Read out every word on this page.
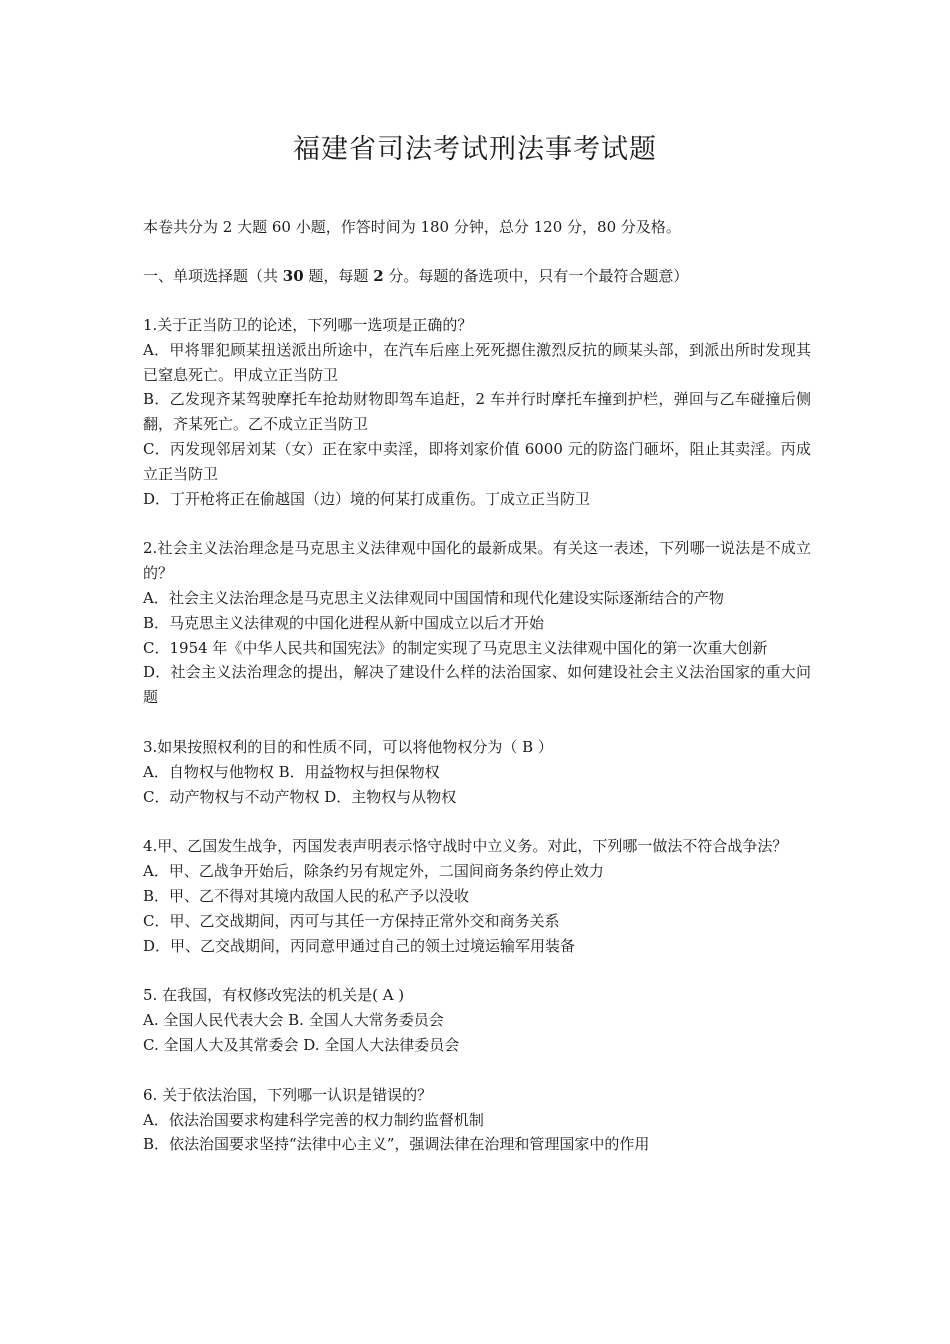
福建省司法考试刑法事考试题
本卷共分为 2 大题 60 小题，作答时间为 180 分钟，总分 120 分，80 分及格。
一、单项选择题（共 30 题，每题 2 分。每题的备选项中，只有一个最符合题意）
1.关于正当防卫的论述，下列哪一选项是正确的？
A．甲将罪犯顾某扭送派出所途中，在汽车后座上死死摁住激烈反抗的顾某头部，到派出所时发现其已窒息死亡。甲成立正当防卫
B．乙发现齐某驾驶摩托车抢劫财物即驾车追赶，2 车并行时摩托车撞到护栏，弹回与乙车碰撞后侧翻，齐某死亡。乙不成立正当防卫
C．丙发现邻居刘某（女）正在家中卖淫，即将刘家价值 6000 元的防盗门砸坏，阻止其卖淫。丙成立正当防卫
D．丁开枪将正在偷越国（边）境的何某打成重伤。丁成立正当防卫
2.社会主义法治理念是马克思主义法律观中国化的最新成果。有关这一表述，下列哪一说法是不成立的？
A．社会主义法治理念是马克思主义法律观同中国国情和现代化建设实际逐渐结合的产物
B．马克思主义法律观的中国化进程从新中国成立以后才开始
C．1954 年《中华人民共和国宪法》的制定实现了马克思主义法律观中国化的第一次重大创新
D．社会主义法治理念的提出，解决了建设什么样的法治国家、如何建设社会主义法治国家的重大问题
3.如果按照权利的目的和性质不同，可以将他物权分为（ B ）
A．自物权与他物权 B．用益物权与担保物权
C．动产物权与不动产物权 D．主物权与从物权
4.甲、乙国发生战争，丙国发表声明表示恪守战时中立义务。对此，下列哪一做法不符合战争法？
A．甲、乙战争开始后，除条约另有规定外，二国间商务条约停止效力
B．甲、乙不得对其境内敌国人民的私产予以没收
C．甲、乙交战期间，丙可与其任一方保持正常外交和商务关系
D．甲、乙交战期间，丙同意甲通过自己的领土过境运输军用装备
5. 在我国，有权修改宪法的机关是( A )
A. 全国人民代表大会 B. 全国人大常务委员会
C. 全国人大及其常委会 D. 全国人大法律委员会
6. 关于依法治国，下列哪一认识是错误的？
A．依法治国要求构建科学完善的权力制约监督机制
B．依法治国要求坚持“法律中心主义”，强调法律在治理和管理国家中的作用
